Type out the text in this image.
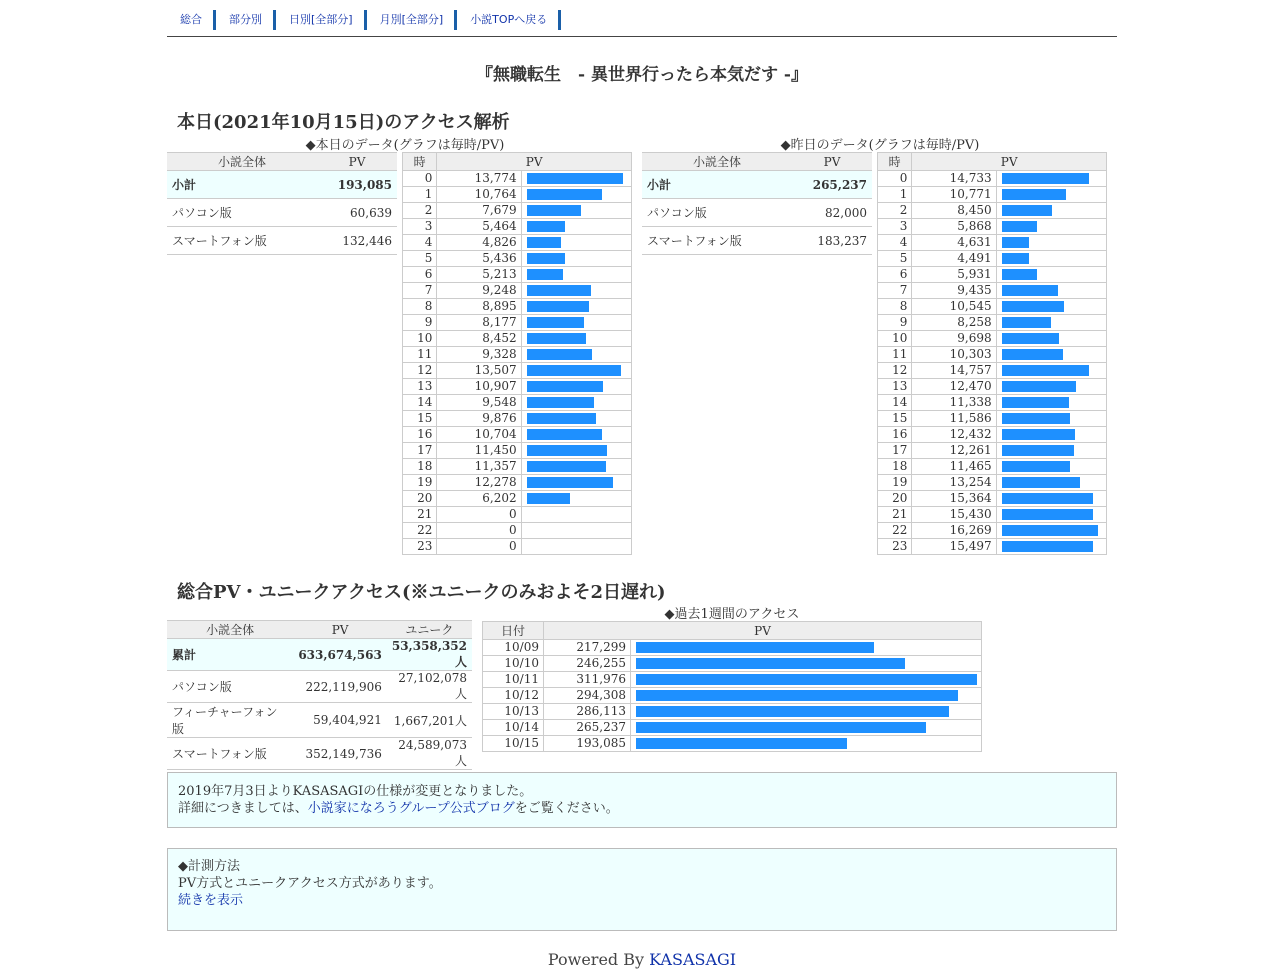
総合	部分別	日別[全部分]	月別[全部分]	小説TOPへ戻る
『無職転生　- 異世界行ったら本気だす -』
本日(2021年10月15日)のアクセス解析
◆本日のデータ(グラフは毎時/PV)	◆昨日のデータ(グラフは毎時/PV)
小説全体	PV
小計	193,085
パソコン版	60,639
スマートフォン版	132,446
時	PV	
0	13,774	

1	10,764	

2	7,679	

3	5,464	

4	4,826	

5	5,436	

6	5,213	

7	9,248	

8	8,895	

9	8,177	

10	8,452	

11	9,328	

12	13,507	

13	10,907	

14	9,548	

15	9,876	

16	10,704	

17	11,450	

18	11,357	

19	12,278	

20	6,202	

21	0	
22	0	
23	0	
小説全体	PV
小計	265,237
パソコン版	82,000
スマートフォン版	183,237
時	PV	
0	14,733	

1	10,771	

2	8,450	

3	5,868	

4	4,631	

5	4,491	

6	5,931	

7	9,435	

8	10,545	

9	8,258	

10	9,698	

11	10,303	

12	14,757	

13	12,470	

14	11,338	

15	11,586	

16	12,432	

17	12,261	

18	11,465	

19	13,254	

20	15,364	

21	15,430	

22	16,269	

23	15,497	
総合PV・ユニークアクセス(※ユニークのみおよそ2日遅れ)
◆過去1週間のアクセス
小説全体	PV	ユニーク
累計	633,674,563	53,358,352人
パソコン版	222,119,906	27,102,078人
フィーチャーフォン版	59,404,921	1,667,201人
スマートフォン版	352,149,736	24,589,073人
日付	PV	
10/09	217,299	

10/10	246,255	

10/11	311,976	

10/12	294,308	

10/13	286,113	

10/14	265,237	

10/15	193,085	
2019年7月3日よりKASASAGIの仕様が変更となりました。
詳細につきましては、小説家になろうグループ公式ブログをご覧ください。
◆計測方法
PV方式とユニークアクセス方式があります。
続きを表示
Powered By KASASAGI
